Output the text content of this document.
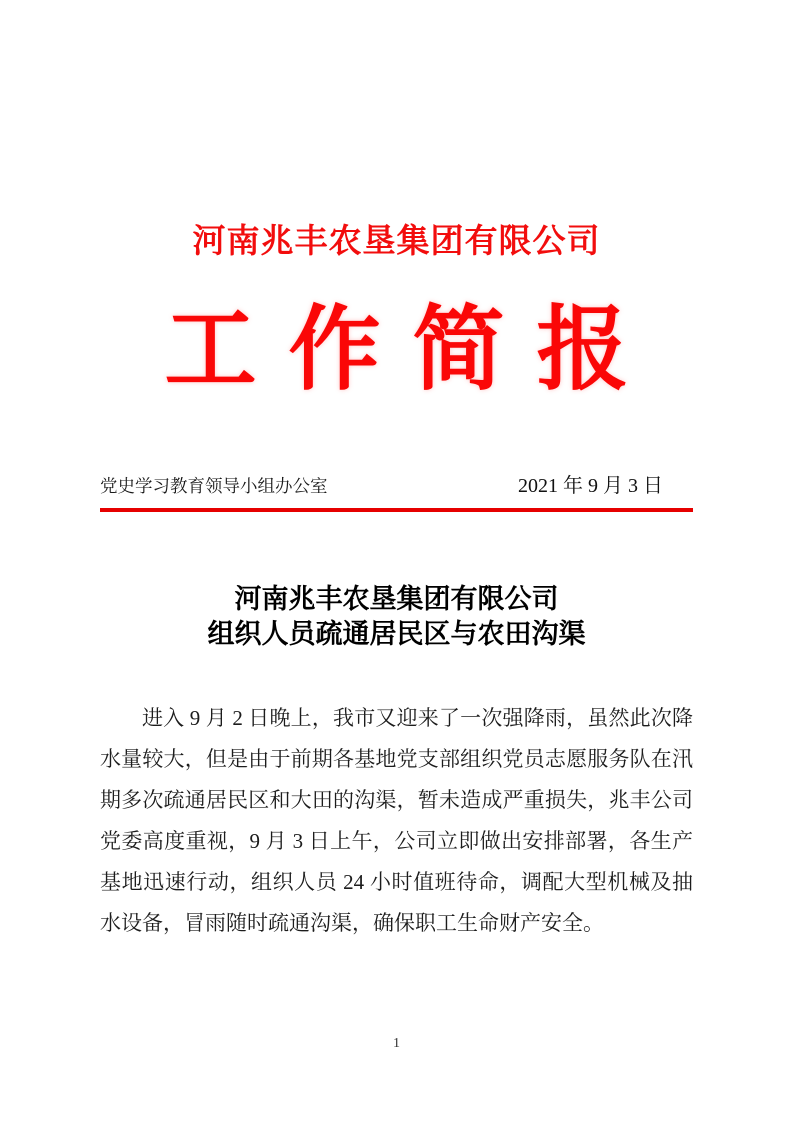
河南兆丰农垦集团有限公司
工作简报
党史学习教育领导小组办公室	2021 年 9 月 3 日
河南兆丰农垦集团有限公司
组织人员疏通居民区与农田沟渠
进入 9 月 2 日晚上，我市又迎来了一次强降雨，虽然此次降
水量较大，但是由于前期各基地党支部组织党员志愿服务队在汛
期多次疏通居民区和大田的沟渠，暂未造成严重损失，兆丰公司
党委高度重视，9 月 3 日上午，公司立即做出安排部署，各生产
基地迅速行动，组织人员 24 小时值班待命，调配大型机械及抽
水设备，冒雨随时疏通沟渠，确保职工生命财产安全。
1
